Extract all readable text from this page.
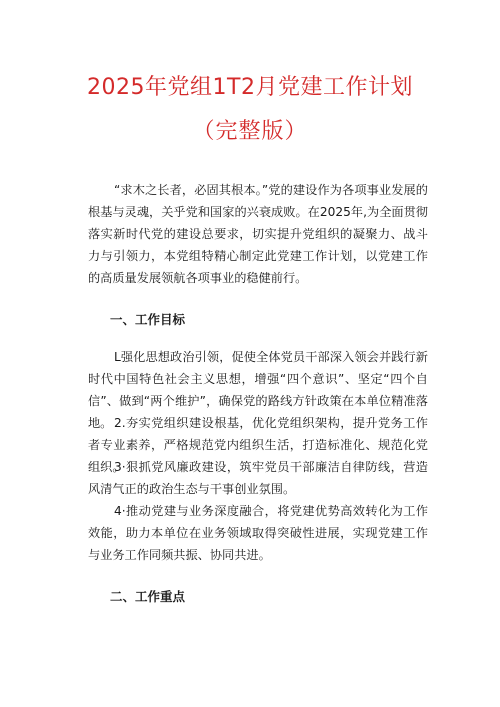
2025年党组1T2月党建工作计划
（完整版）

“求木之长者，必固其根本。”党的建设作为各项事业发展的根基与灵魂，关乎党和国家的兴衰成败。在2025年,为全面贯彻落实新时代党的建设总要求，切实提升党组织的凝聚力、战斗力与引领力，本党组特精心制定此党建工作计划，以党建工作的高质量发展领航各项事业的稳健前行。

一、工作目标

L强化思想政治引领，促使全体党员干部深入领会并践行新时代中国特色社会主义思想，增强“四个意识”、坚定“四个自信”、做到“两个维护”，确保党的路线方针政策在本单位精准落地。 2.夯实党组织建设根基，优化党组织架构，提升党务工作者专业素养，严格规范党内组织生活，打造标准化、规范化党组织。

3·狠抓党风廉政建设，筑牢党员干部廉洁自律防线，营造风清气正的政治生态与干事创业氛围。

4·推动党建与业务深度融合，将党建优势高效转化为工作效能，助力本单位在业务领域取得突破性进展，实现党建工作与业务工作同频共振、协同共进。

二、工作重点
